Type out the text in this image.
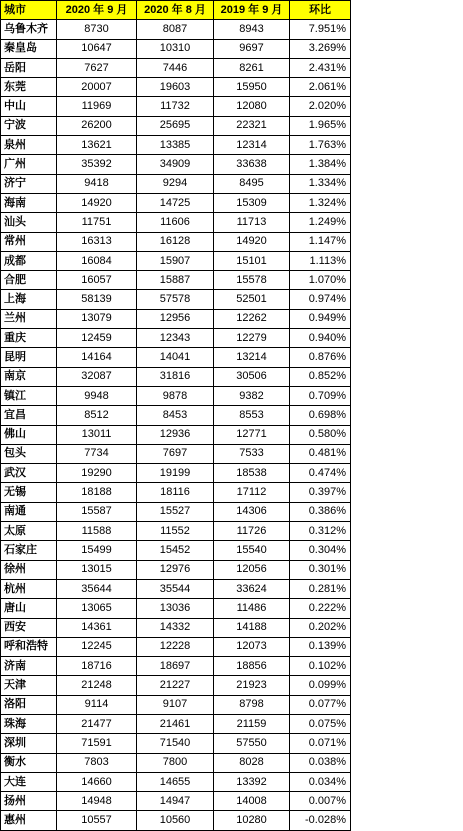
城市	2020 年 9 月	2020 年 8 月	2019 年 9 月	环比
乌鲁木齐	8730	8087	8943	7.951%
秦皇岛	10647	10310	9697	3.269%
岳阳	7627	7446	8261	2.431%
东莞	20007	19603	15950	2.061%
中山	11969	11732	12080	2.020%
宁波	26200	25695	22321	1.965%
泉州	13621	13385	12314	1.763%
广州	35392	34909	33638	1.384%
济宁	9418	9294	8495	1.334%
海南	14920	14725	15309	1.324%
汕头	11751	11606	11713	1.249%
常州	16313	16128	14920	1.147%
成都	16084	15907	15101	1.113%
合肥	16057	15887	15578	1.070%
上海	58139	57578	52501	0.974%
兰州	13079	12956	12262	0.949%
重庆	12459	12343	12279	0.940%
昆明	14164	14041	13214	0.876%
南京	32087	31816	30506	0.852%
镇江	9948	9878	9382	0.709%
宜昌	8512	8453	8553	0.698%
佛山	13011	12936	12771	0.580%
包头	7734	7697	7533	0.481%
武汉	19290	19199	18538	0.474%
无锡	18188	18116	17112	0.397%
南通	15587	15527	14306	0.386%
太原	11588	11552	11726	0.312%
石家庄	15499	15452	15540	0.304%
徐州	13015	12976	12056	0.301%
杭州	35644	35544	33624	0.281%
唐山	13065	13036	11486	0.222%
西安	14361	14332	14188	0.202%
呼和浩特	12245	12228	12073	0.139%
济南	18716	18697	18856	0.102%
天津	21248	21227	21923	0.099%
洛阳	9114	9107	8798	0.077%
珠海	21477	21461	21159	0.075%
深圳	71591	71540	57550	0.071%
衡水	7803	7800	8028	0.038%
大连	14660	14655	13392	0.034%
扬州	14948	14947	14008	0.007%
惠州	10557	10560	10280	-0.028%
